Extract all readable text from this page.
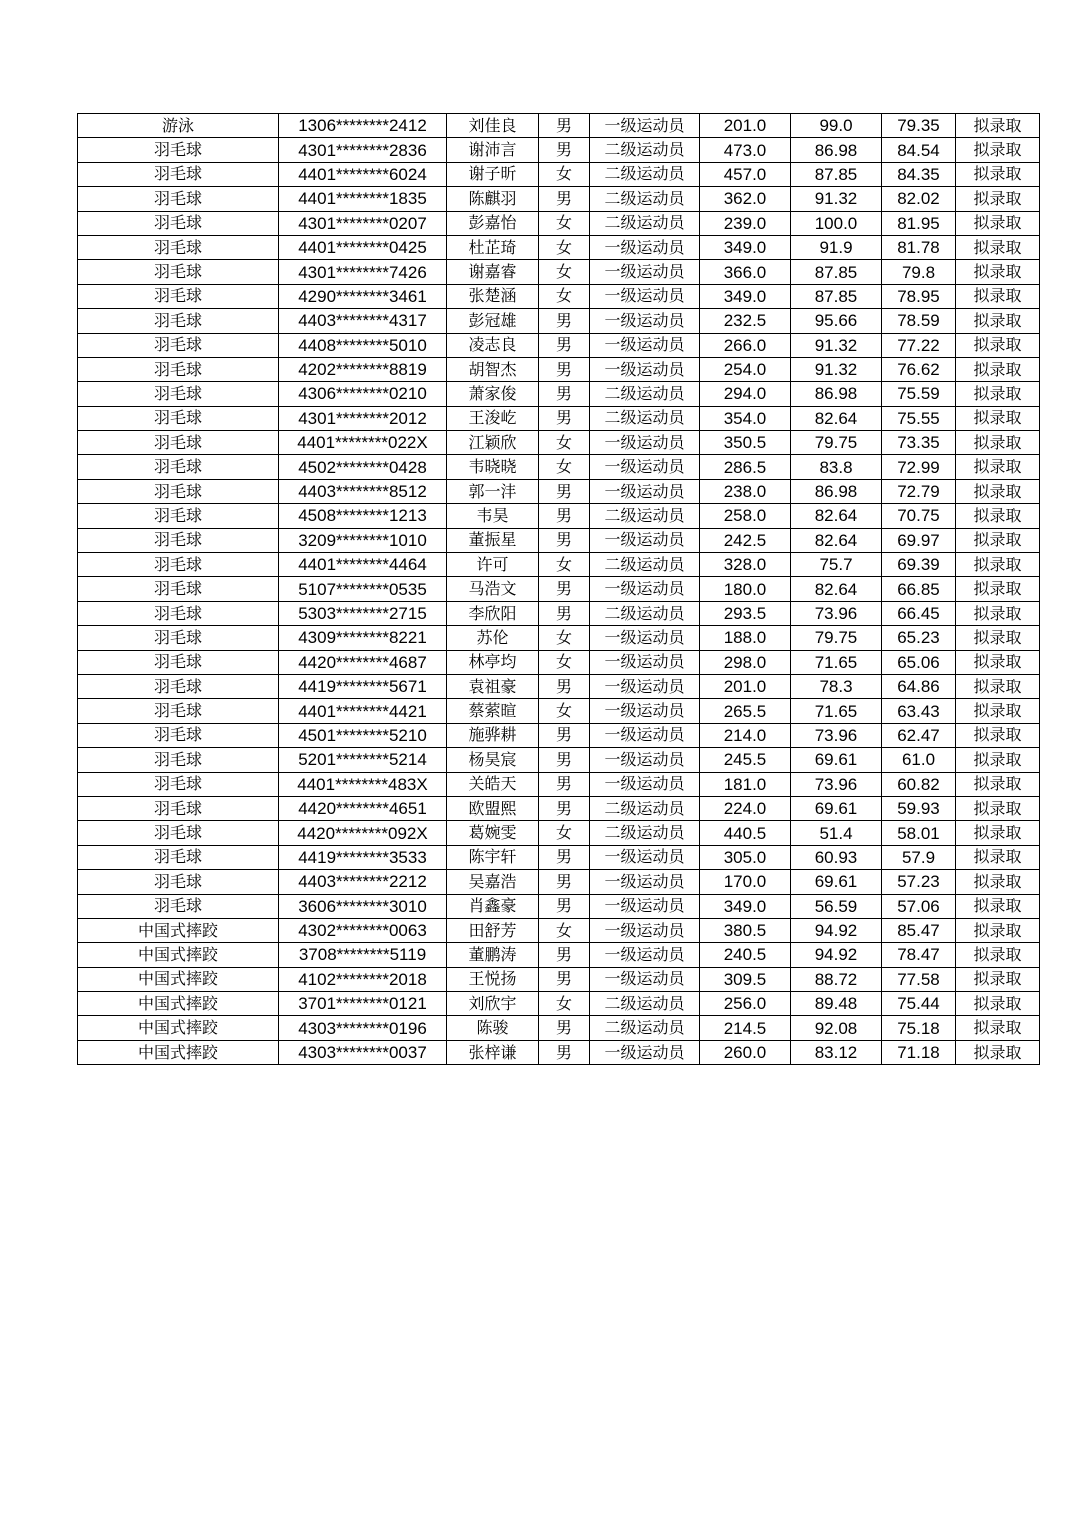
游泳	1306********2412	刘佳良	男	一级运动员	201.0	99.0	79.35	拟录取
羽毛球	4301********2836	谢沛言	男	二级运动员	473.0	86.98	84.54	拟录取
羽毛球	4401********6024	谢子昕	女	二级运动员	457.0	87.85	84.35	拟录取
羽毛球	4401********1835	陈麒羽	男	二级运动员	362.0	91.32	82.02	拟录取
羽毛球	4301********0207	彭嘉怡	女	二级运动员	239.0	100.0	81.95	拟录取
羽毛球	4401********0425	杜芷琦	女	一级运动员	349.0	91.9	81.78	拟录取
羽毛球	4301********7426	谢嘉睿	女	一级运动员	366.0	87.85	79.8	拟录取
羽毛球	4290********3461	张楚涵	女	一级运动员	349.0	87.85	78.95	拟录取
羽毛球	4403********4317	彭冠雄	男	一级运动员	232.5	95.66	78.59	拟录取
羽毛球	4408********5010	凌志良	男	一级运动员	266.0	91.32	77.22	拟录取
羽毛球	4202********8819	胡智杰	男	一级运动员	254.0	91.32	76.62	拟录取
羽毛球	4306********0210	萧家俊	男	二级运动员	294.0	86.98	75.59	拟录取
羽毛球	4301********2012	王浚屹	男	二级运动员	354.0	82.64	75.55	拟录取
羽毛球	4401********022X	江颖欣	女	一级运动员	350.5	79.75	73.35	拟录取
羽毛球	4502********0428	韦晓晓	女	一级运动员	286.5	83.8	72.99	拟录取
羽毛球	4403********8512	郭一沣	男	一级运动员	238.0	86.98	72.79	拟录取
羽毛球	4508********1213	韦昊	男	二级运动员	258.0	82.64	70.75	拟录取
羽毛球	3209********1010	董振星	男	一级运动员	242.5	82.64	69.97	拟录取
羽毛球	4401********4464	许可	女	二级运动员	328.0	75.7	69.39	拟录取
羽毛球	5107********0535	马浩文	男	一级运动员	180.0	82.64	66.85	拟录取
羽毛球	5303********2715	李欣阳	男	二级运动员	293.5	73.96	66.45	拟录取
羽毛球	4309********8221	苏伦	女	一级运动员	188.0	79.75	65.23	拟录取
羽毛球	4420********4687	林亭均	女	一级运动员	298.0	71.65	65.06	拟录取
羽毛球	4419********5671	袁祖豪	男	一级运动员	201.0	78.3	64.86	拟录取
羽毛球	4401********4421	蔡萦暄	女	一级运动员	265.5	71.65	63.43	拟录取
羽毛球	4501********5210	施骅耕	男	一级运动员	214.0	73.96	62.47	拟录取
羽毛球	5201********5214	杨昊宸	男	一级运动员	245.5	69.61	61.0	拟录取
羽毛球	4401********483X	关皓天	男	一级运动员	181.0	73.96	60.82	拟录取
羽毛球	4420********4651	欧盟熙	男	二级运动员	224.0	69.61	59.93	拟录取
羽毛球	4420********092X	葛婉雯	女	二级运动员	440.5	51.4	58.01	拟录取
羽毛球	4419********3533	陈宇轩	男	一级运动员	305.0	60.93	57.9	拟录取
羽毛球	4403********2212	吴嘉浩	男	一级运动员	170.0	69.61	57.23	拟录取
羽毛球	3606********3010	肖鑫豪	男	一级运动员	349.0	56.59	57.06	拟录取
中国式摔跤	4302********0063	田舒芳	女	一级运动员	380.5	94.92	85.47	拟录取
中国式摔跤	3708********5119	董鹏涛	男	一级运动员	240.5	94.92	78.47	拟录取
中国式摔跤	4102********2018	王悦扬	男	一级运动员	309.5	88.72	77.58	拟录取
中国式摔跤	3701********0121	刘欣宇	女	二级运动员	256.0	89.48	75.44	拟录取
中国式摔跤	4303********0196	陈骏	男	二级运动员	214.5	92.08	75.18	拟录取
中国式摔跤	4303********0037	张梓谦	男	一级运动员	260.0	83.12	71.18	拟录取
